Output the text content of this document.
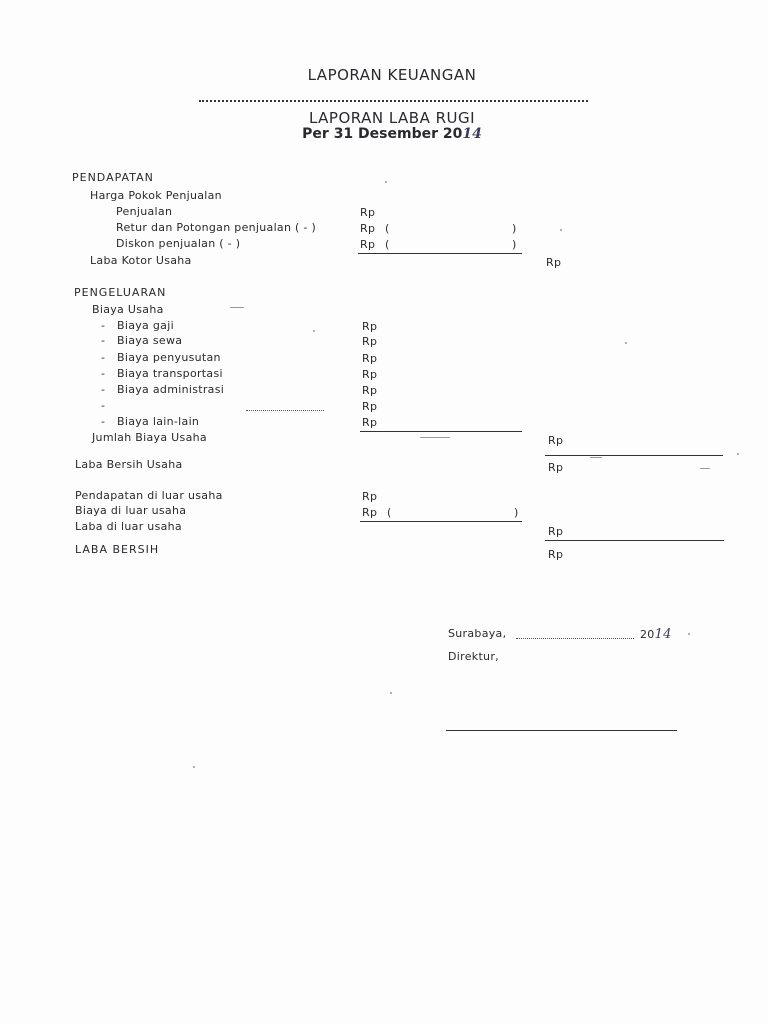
LAPORAN KEUANGAN
LAPORAN LABA RUGI
Per 31 Desember 2014
PENDAPATAN
Harga Pokok Penjualan
Penjualan	Rp
Retur dan Potongan penjualan ( - )	Rp (	)
Diskon penjualan ( - )	Rp (	)
Laba Kotor Usaha	Rp
PENGELUARAN
Biaya Usaha
- Biaya gaji	Rp
- Biaya sewa	Rp
- Biaya penyusutan	Rp
- Biaya transportasi	Rp
- Biaya administrasi	Rp
-	Rp
- Biaya lain-lain	Rp
Jumlah Biaya Usaha	Rp
Laba Bersih Usaha	Rp
Pendapatan di luar usaha	Rp
Biaya di luar usaha	Rp (	)
Laba di luar usaha	Rp
LABA BERSIH	Rp
Surabaya,	2014
Direktur,
